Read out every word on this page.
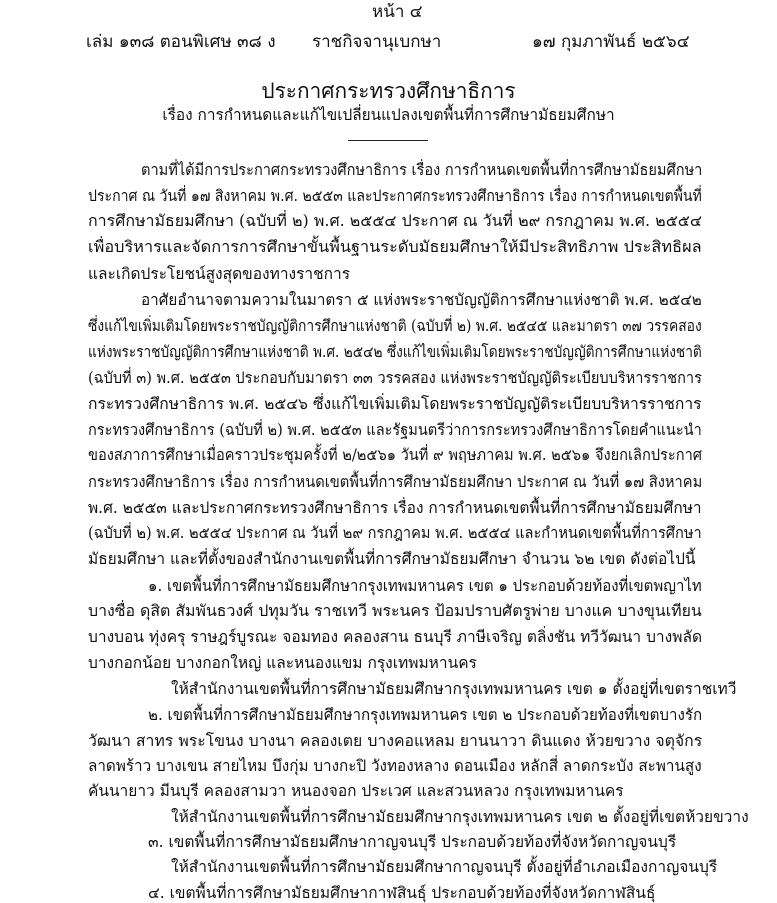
หน้า ๔
เล่ม ๑๓๘ ตอนพิเศษ ๓๘ ง ราชกิจจานุเบกษา	๑๗ กุมภาพันธ์ ๒๕๖๔
ประกาศกระทรวงศึกษาธิการ
เรื่อง การกำหนดและแก้ไขเปลี่ยนแปลงเขตพื้นที่การศึกษามัธยมศึกษา
ตามที่ได้มีการประกาศกระทรวงศึกษาธิการ เรื่อง การกำหนดเขตพื้นที่การศึกษามัธยมศึกษา
ประกาศ ณ วันที่ ๑๗ สิงหาคม พ.ศ. ๒๕๕๓ และประกาศกระทรวงศึกษาธิการ เรื่อง การกำหนดเขตพื้นที่
การศึกษามัธยมศึกษา (ฉบับที่ ๒) พ.ศ. ๒๕๕๔ ประกาศ ณ วันที่ ๒๙ กรกฎาคม พ.ศ. ๒๕๕๔
เพื่อบริหารและจัดการการศึกษาขั้นพื้นฐานระดับมัธยมศึกษาให้มีประสิทธิภาพ ประสิทธิผล
และเกิดประโยชน์สูงสุดของทางราชการ
อาศัยอำนาจตามความในมาตรา ๕ แห่งพระราชบัญญัติการศึกษาแห่งชาติ พ.ศ. ๒๕๔๒
ซึ่งแก้ไขเพิ่มเติมโดยพระราชบัญญัติการศึกษาแห่งชาติ (ฉบับที่ ๒) พ.ศ. ๒๕๔๕ และมาตรา ๓๗ วรรคสอง
แห่งพระราชบัญญัติการศึกษาแห่งชาติ พ.ศ. ๒๕๔๒ ซึ่งแก้ไขเพิ่มเติมโดยพระราชบัญญัติการศึกษาแห่งชาติ
(ฉบับที่ ๓) พ.ศ. ๒๕๕๓ ประกอบกับมาตรา ๓๓ วรรคสอง แห่งพระราชบัญญัติระเบียบบริหารราชการ
กระทรวงศึกษาธิการ พ.ศ. ๒๕๔๖ ซึ่งแก้ไขเพิ่มเติมโดยพระราชบัญญัติระเบียบบริหารราชการ
กระทรวงศึกษาธิการ (ฉบับที่ ๒) พ.ศ. ๒๕๕๓ และรัฐมนตรีว่าการกระทรวงศึกษาธิการโดยคำแนะนำ
ของสภาการศึกษาเมื่อคราวประชุมครั้งที่ ๒/๒๕๖๑ วันที่ ๙ พฤษภาคม พ.ศ. ๒๕๖๑ จึงยกเลิกประกาศ
กระทรวงศึกษาธิการ เรื่อง การกำหนดเขตพื้นที่การศึกษามัธยมศึกษา ประกาศ ณ วันที่ ๑๗ สิงหาคม
พ.ศ. ๒๕๕๓ และประกาศกระทรวงศึกษาธิการ เรื่อง การกำหนดเขตพื้นที่การศึกษามัธยมศึกษา
(ฉบับที่ ๒) พ.ศ. ๒๕๕๔ ประกาศ ณ วันที่ ๒๙ กรกฎาคม พ.ศ. ๒๕๕๔ และกำหนดเขตพื้นที่การศึกษา
มัธยมศึกษา และที่ตั้งของสำนักงานเขตพื้นที่การศึกษามัธยมศึกษา จำนวน ๖๒ เขต ดังต่อไปนี้
๑. เขตพื้นที่การศึกษามัธยมศึกษากรุงเทพมหานคร เขต ๑ ประกอบด้วยท้องที่เขตพญาไท
บางซื่อ ดุสิต สัมพันธวงศ์ ปทุมวัน ราชเทวี พระนคร ป้อมปราบศัตรูพ่าย บางแค บางขุนเทียน
บางบอน ทุ่งครุ ราษฎร์บูรณะ จอมทอง คลองสาน ธนบุรี ภาษีเจริญ ตลิ่งชัน ทวีวัฒนา บางพลัด
บางกอกน้อย บางกอกใหญ่ และหนองแขม กรุงเทพมหานคร
ให้สำนักงานเขตพื้นที่การศึกษามัธยมศึกษากรุงเทพมหานคร เขต ๑ ตั้งอยู่ที่เขตราชเทวี
๒. เขตพื้นที่การศึกษามัธยมศึกษากรุงเทพมหานคร เขต ๒ ประกอบด้วยท้องที่เขตบางรัก
วัฒนา สาทร พระโขนง บางนา คลองเตย บางคอแหลม ยานนาวา ดินแดง ห้วยขวาง จตุจักร
ลาดพร้าว บางเขน สายไหม บึงกุ่ม บางกะปิ วังทองหลาง ดอนเมือง หลักสี่ ลาดกระบัง สะพานสูง
คันนายาว มีนบุรี คลองสามวา หนองจอก ประเวศ และสวนหลวง กรุงเทพมหานคร
ให้สำนักงานเขตพื้นที่การศึกษามัธยมศึกษากรุงเทพมหานคร เขต ๒ ตั้งอยู่ที่เขตห้วยขวาง
๓. เขตพื้นที่การศึกษามัธยมศึกษากาญจนบุรี ประกอบด้วยท้องที่จังหวัดกาญจนบุรี
ให้สำนักงานเขตพื้นที่การศึกษามัธยมศึกษากาญจนบุรี ตั้งอยู่ที่อำเภอเมืองกาญจนบุรี
๔. เขตพื้นที่การศึกษามัธยมศึกษากาฬสินธุ์ ประกอบด้วยท้องที่จังหวัดกาฬสินธุ์
